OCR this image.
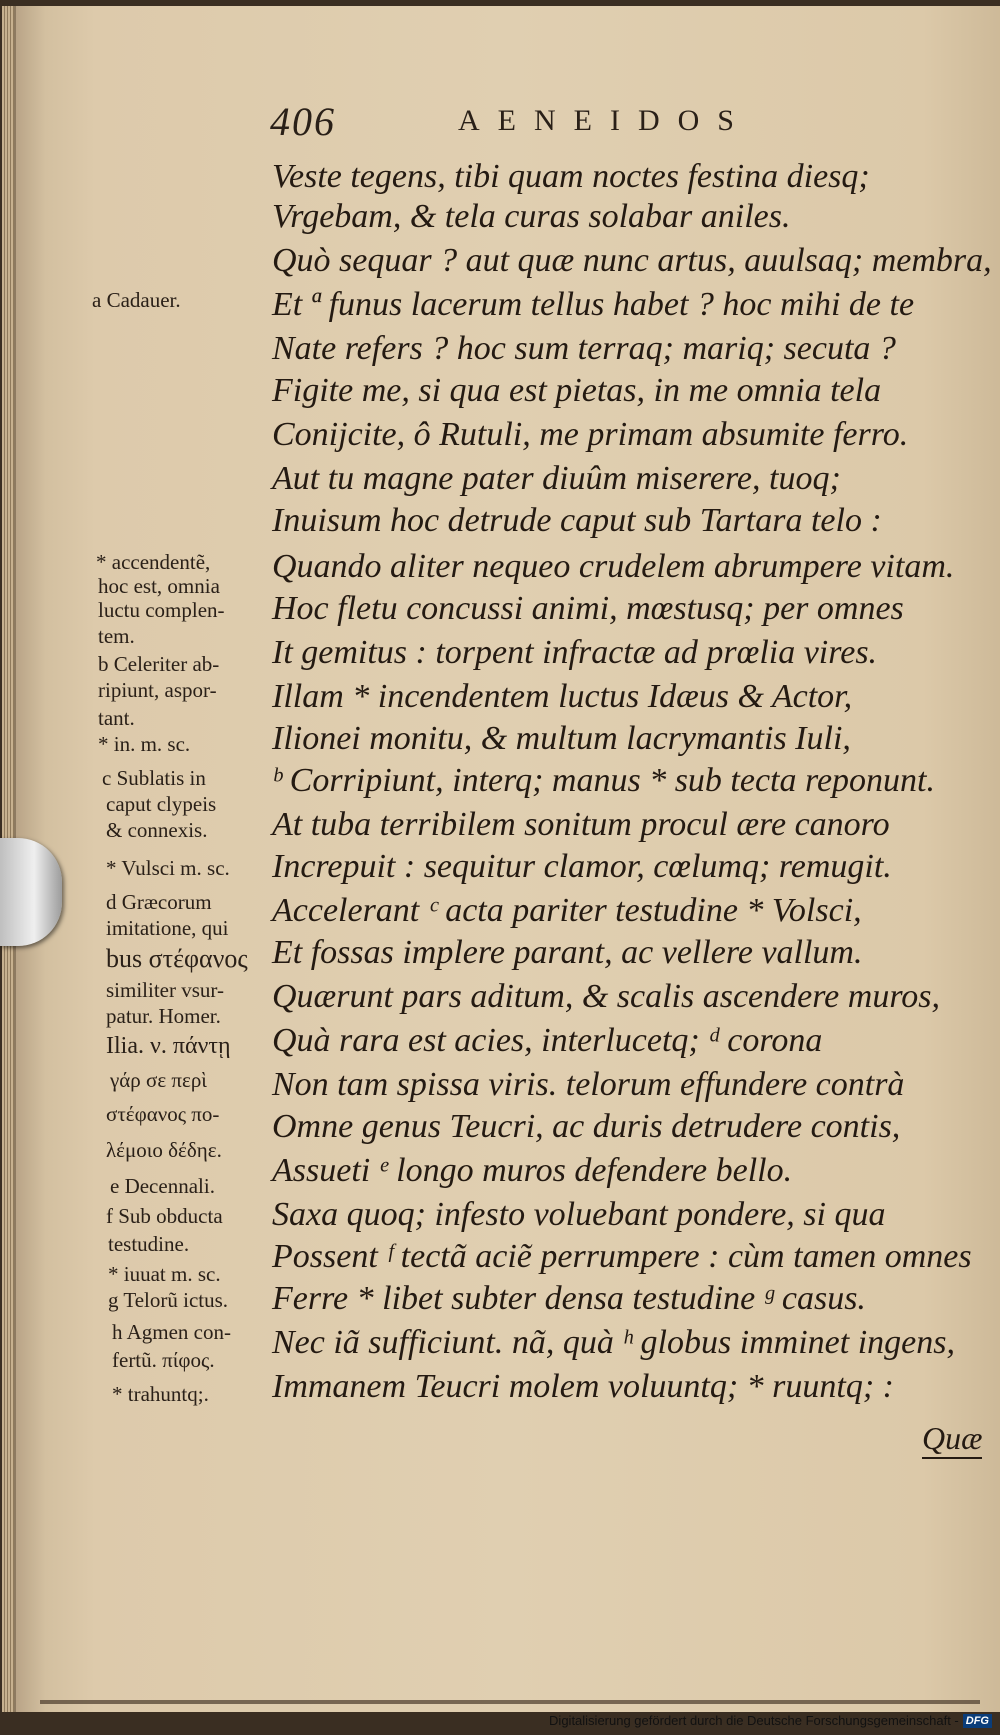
406	AENEIDOS
Veste tegens, tibi quam noctes festina diesq;
Vrgebam, & tela curas solabar aniles.
Quò sequar ? aut quæ nunc artus, auulsaq; membra,
Et ª funus lacerum tellus habet ? hoc mihi de te
Nate refers ? hoc sum terraq; mariq; secuta ?
Figite me, si qua est pietas, in me omnia tela
Conijcite, ô Rutuli, me primam absumite ferro.
Aut tu magne pater diuûm miserere, tuoq;
Inuisum hoc detrude caput sub Tartara telo :
Quando aliter nequeo crudelem abrumpere vitam.
Hoc fletu concussi animi, mœstusq; per omnes
It gemitus : torpent infractæ ad prœlia vires.
Illam * incendentem luctus Idæus & Actor,
Ilionei monitu, & multum lacrymantis Iuli,
ᵇ Corripiunt, interq; manus * sub tecta reponunt.
At tuba terribilem sonitum procul ære canoro
Increpuit : sequitur clamor, cœlumq; remugit.
Accelerant ᶜ acta pariter testudine * Volsci,
Et fossas implere parant, ac vellere vallum.
Quærunt pars aditum, & scalis ascendere muros,
Quà rara est acies, interlucetq; ᵈ corona
Non tam spissa viris. telorum effundere contrà
Omne genus Teucri, ac duris detrudere contis,
Assueti ᵉ longo muros defendere bello.
Saxa quoq; infesto voluebant pondere, si qua
Possent ᶠ tectã aciẽ perrumpere : cùm tamen omnes
Ferre * libet subter densa testudine ᵍ casus.
Nec iã sufficiunt. nã, quà ʰ globus imminet ingens,
Immanem Teucri molem voluuntq; * ruuntq; :
a Cadauer.
* accendentẽ,
hoc est, omnia
luctu complen-
tem.
b Celeriter ab-
ripiunt, aspor-
tant.
* in. m. sc.
c Sublatis in
caput clypeis
& connexis.
* Vulsci m. sc.
d Græcorum
imitatione, qui
bus στέφανος
similiter vsur-
patur. Homer.
Ilia. ν. πάντῃ
γάρ σε περὶ
στέφανος πο-
λέμοιο δέδηε.
e Decennali.
f Sub obducta
testudine.
* iuuat m. sc.
g Telorũ ictus.
h Agmen con-
fertũ. πίφος.
* trahuntq;.
Quæ
Digitalisierung gefördert durch die Deutsche Forschungsgemeinschaft - DFG
